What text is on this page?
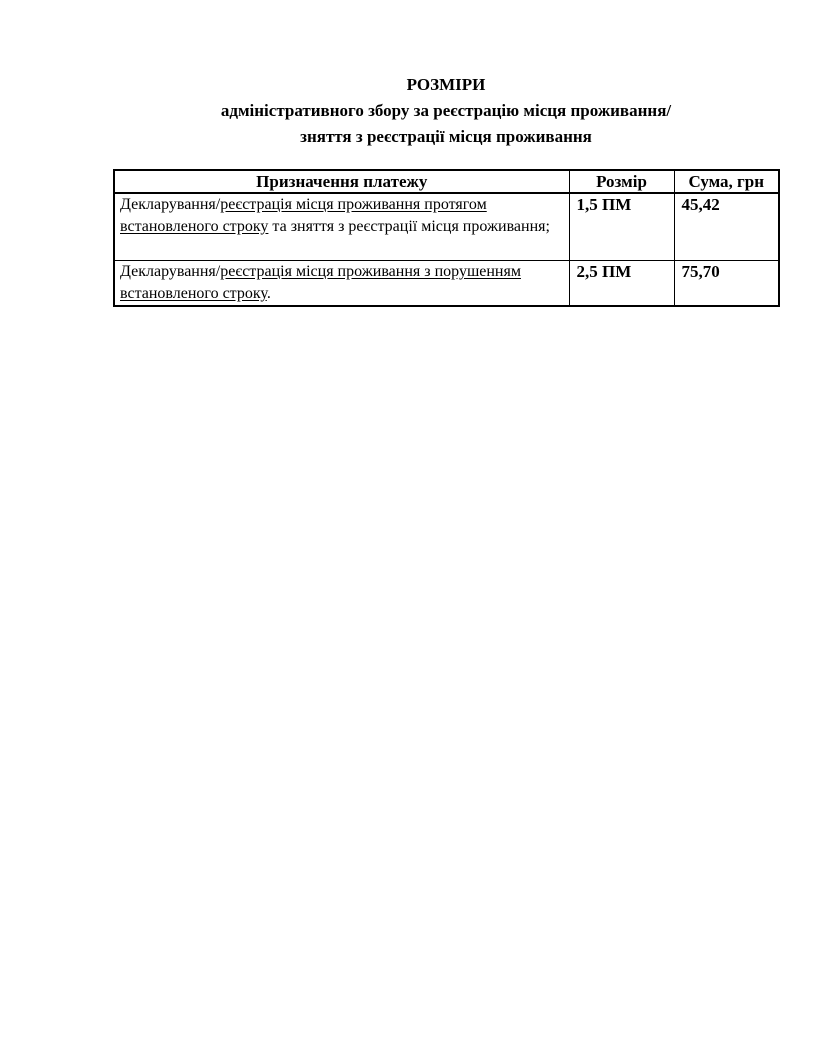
РОЗМІРИ
адміністративного збору за реєстрацію місця проживання/
зняття з реєстрації місця проживання
Призначення платежу	Розмір	Сума, грн
Декларування/реєстрація місця проживання протягом встановленого строку та зняття з реєстрації місця проживання;	1,5 ПМ	45,42
Декларування/реєстрація місця проживання з порушенням встановленого строку.	2,5 ПМ	75,70
